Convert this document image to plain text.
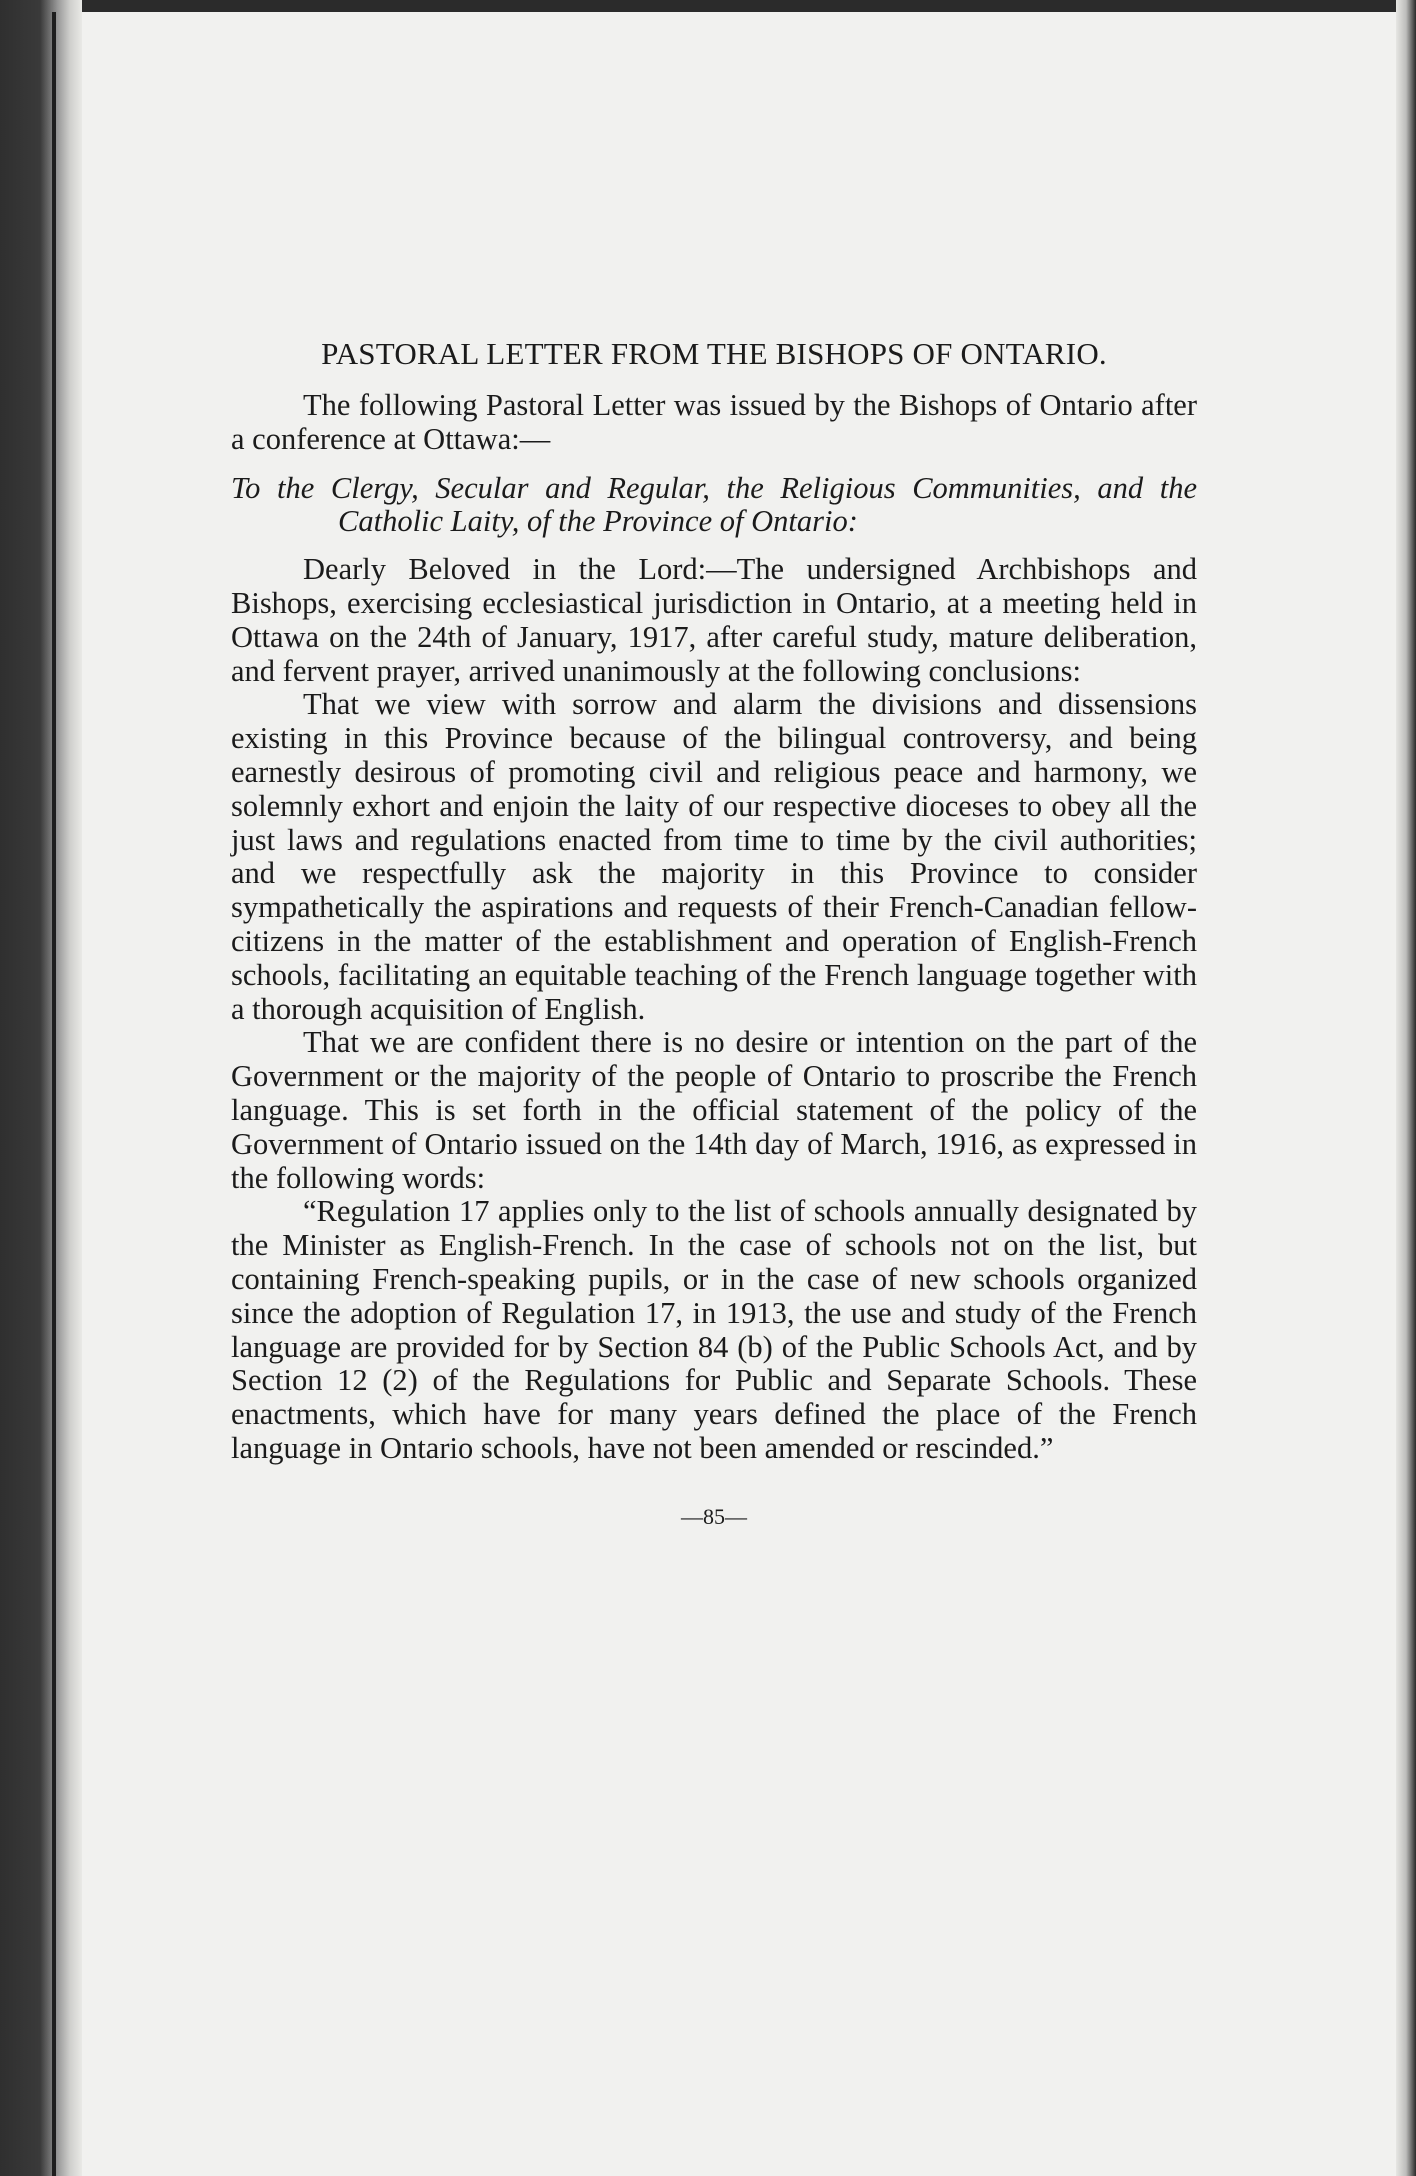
PASTORAL LETTER FROM THE BISHOPS OF ONTARIO.

The following Pastoral Letter was issued by the Bishops of Ontario after a conference at Ottawa:—

To the Clergy, Secular and Regular, the Religious Communities, and the Catholic Laity, of the Province of Ontario:

Dearly Beloved in the Lord:—The undersigned Archbishops and Bishops, exercising ecclesiastical jurisdiction in Ontario, at a meeting held in Ottawa on the 24th of January, 1917, after careful study, mature deliberation, and fervent prayer, arrived unanimously at the following conclusions:

That we view with sorrow and alarm the divisions and dissensions existing in this Province because of the bilingual controversy, and being earnestly desirous of promoting civil and religious peace and harmony, we solemnly exhort and enjoin the laity of our respective dioceses to obey all the just laws and regulations enacted from time to time by the civil authorities; and we respectfully ask the majority in this Province to consider sympathetically the aspirations and requests of their French-Canadian fellow-citizens in the matter of the establishment and operation of English-French schools, facilitating an equitable teaching of the French language together with a thorough acquisition of English.

That we are confident there is no desire or intention on the part of the Government or the majority of the people of Ontario to proscribe the French language. This is set forth in the official statement of the policy of the Government of Ontario issued on the 14th day of March, 1916, as expressed in the following words:

“Regulation 17 applies only to the list of schools annually designated by the Minister as English-French. In the case of schools not on the list, but containing French-speaking pupils, or in the case of new schools organized since the adoption of Regulation 17, in 1913, the use and study of the French language are provided for by Section 84 (b) of the Public Schools Act, and by Section 12 (2) of the Regulations for Public and Separate Schools. These enactments, which have for many years defined the place of the French language in Ontario schools, have not been amended or rescinded.”

—85—
